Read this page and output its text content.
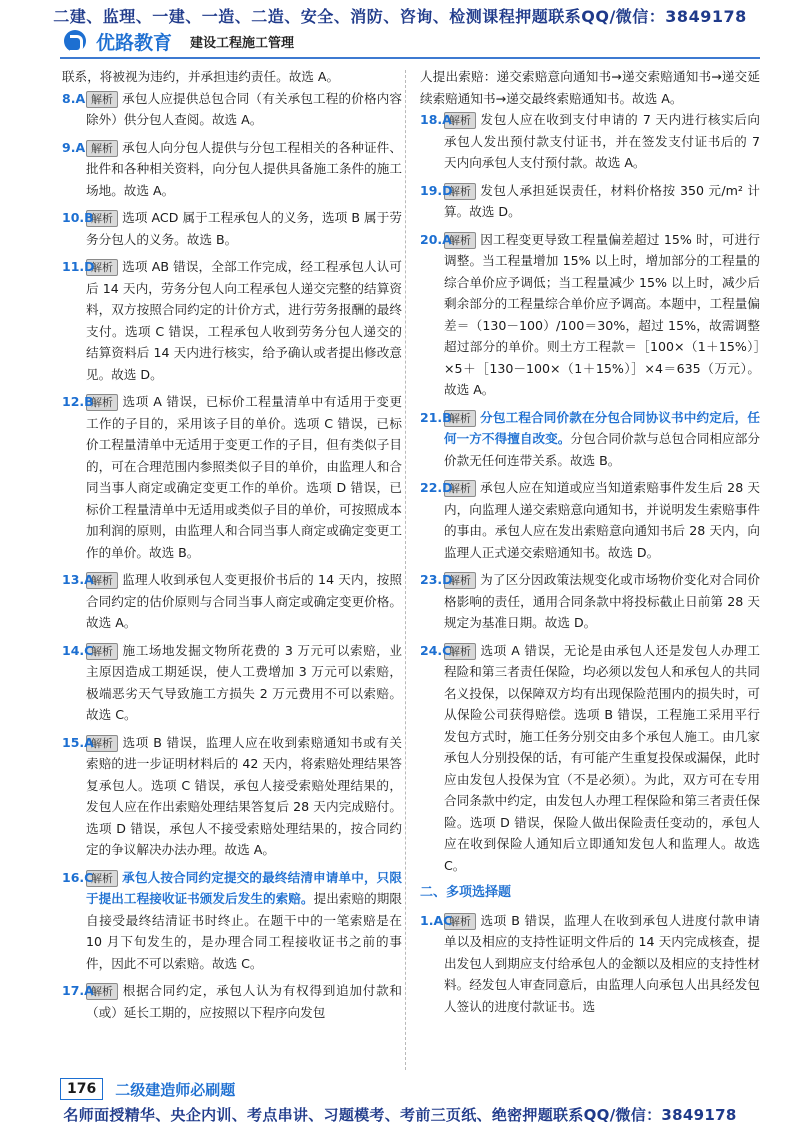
二建、监理、一建、一造、二造、安全、消防、咨询、检测课程押题联系QQ/微信：3849178
优路教育 建设工程施工管理

联系，将被视为违约，并承担违约责任。故选 A。

8.A 解析 承包人应提供总包合同（有关承包工程的价格内容除外）供分包人查阅。故选 A。
9.A 解析 承包人向分包人提供与分包工程相关的各种证件、批件和各种相关资料，向分包人提供具备施工条件的施工场地。故选 A。
10.B
解析 选项 ACD 属于工程承包人的义务，选项 B 属于劳务分包人的义务。故选 B。
11.D
解析 选项 AB 错误，全部工作完成，经工程承包人认可后 14 天内，劳务分包人向工程承包人递交完整的结算资料，双方按照合同约定的计价方式，进行劳务报酬的最终支付。选项 C 错误，工程承包人收到劳务分包人递交的结算资料后 14 天内进行核实，给予确认或者提出修改意见。故选 D。
12.B
解析 选项 A 错误，已标价工程量清单中有适用于变更工作的子目的，采用该子目的单价。选项 C 错误，已标价工程量清单中无适用于变更工作的子目，但有类似子目的，可在合理范围内参照类似子目的单价，由监理人和合同当事人商定或确定变更工作的单价。选项 D 错误，已标价工程量清单中无适用或类似子目的单价，可按照成本加利润的原则，由监理人和合同当事人商定或确定变更工作的单价。故选 B。
13.A
解析 监理人收到承包人变更报价书后的 14 天内，按照合同约定的估价原则与合同当事人商定或确定变更价格。故选 A。
14.C
解析 施工场地发掘文物所花费的 3 万元可以索赔，业主原因造成工期延误，使人工费增加 3 万元可以索赔，极端恶劣天气导致施工方损失 2 万元费用不可以索赔。故选 C。
15.A
解析 选项 B 错误，监理人应在收到索赔通知书或有关索赔的进一步证明材料后的 42 天内，将索赔处理结果答复承包人。选项 C 错误，承包人接受索赔处理结果的，发包人应在作出索赔处理结果答复后 28 天内完成赔付。选项 D 错误，承包人不接受索赔处理结果的，按合同约定的争议解决办法办理。故选 A。
16.C
解析 承包人按合同约定提交的最终结清申请单中，只限于提出工程接收证书颁发后发生的索赔。提出索赔的期限自接受最终结清证书时终止。在题干中的一笔索赔是在 10 月下旬发生的，是办理合同工程接收证书之前的事件，因此不可以索赔。故选 C。
17.A
解析 根据合同约定，承包人认为有权得到追加付款和（或）延长工期的，应按照以下程序向发包

人提出索赔：递交索赔意向通知书→递交索赔通知书→递交延续索赔通知书→递交最终索赔通知书。故选 A。

18.A
解析 发包人应在收到支付申请的 7 天内进行核实后向承包人发出预付款支付证书，并在签发支付证书后的 7 天内向承包人支付预付款。故选 A。
19.D
解析 发包人承担延误责任，材料价格按 350 元/m² 计算。故选 D。
20.A
解析 因工程变更导致工程量偏差超过 15% 时，可进行调整。当工程量增加 15% 以上时，增加部分的工程量的综合单价应予调低；当工程量减少 15% 以上时，减少后剩余部分的工程量综合单价应予调高。本题中，工程量偏差＝（130－100）/100＝30%，超过 15%，故需调整超过部分的单价。则土方工程款＝［100×（1＋15%）］×5＋［130－100×（1＋15%）］×4＝635（万元）。故选 A。
21.B
解析 分包工程合同价款在分包合同协议书中约定后，任何一方不得擅自改变。分包合同价款与总包合同相应部分价款无任何连带关系。故选 B。
22.D
解析 承包人应在知道或应当知道索赔事件发生后 28 天内，向监理人递交索赔意向通知书，并说明发生索赔事件的事由。承包人应在发出索赔意向通知书后 28 天内，向监理人正式递交索赔通知书。故选 D。
23.D
解析 为了区分因政策法规变化或市场物价变化对合同价格影响的责任，通用合同条款中将投标截止日前第 28 天规定为基准日期。故选 D。
24.C
解析 选项 A 错误，无论是由承包人还是发包人办理工程险和第三者责任保险，均必须以发包人和承包人的共同名义投保，以保障双方均有出现保险范围内的损失时，可从保险公司获得赔偿。选项 B 错误，工程施工采用平行发包方式时，施工任务分别交由多个承包人施工。由几家承包人分别投保的话，有可能产生重复投保或漏保，此时应由发包人投保为宜（不是必须）。为此，双方可在专用合同条款中约定，由发包人办理工程保险和第三者责任保险。选项 D 错误，保险人做出保险责任变动的，承包人应在收到保险人通知后立即通知发包人和监理人。故选 C。
二、多项选择题
1.AC
解析 选项 B 错误，监理人在收到承包人进度付款申请单以及相应的支持性证明文件后的 14 天内完成核查，提出发包人到期应支付给承包人的金额以及相应的支持性材料。经发包人审查同意后，由监理人向承包人出具经发包人签认的进度付款证书。选
176	二级建造师必刷题
名师面授精华、央企内训、考点串讲、习题模考、考前三页纸、绝密押题联系QQ/微信：3849178
